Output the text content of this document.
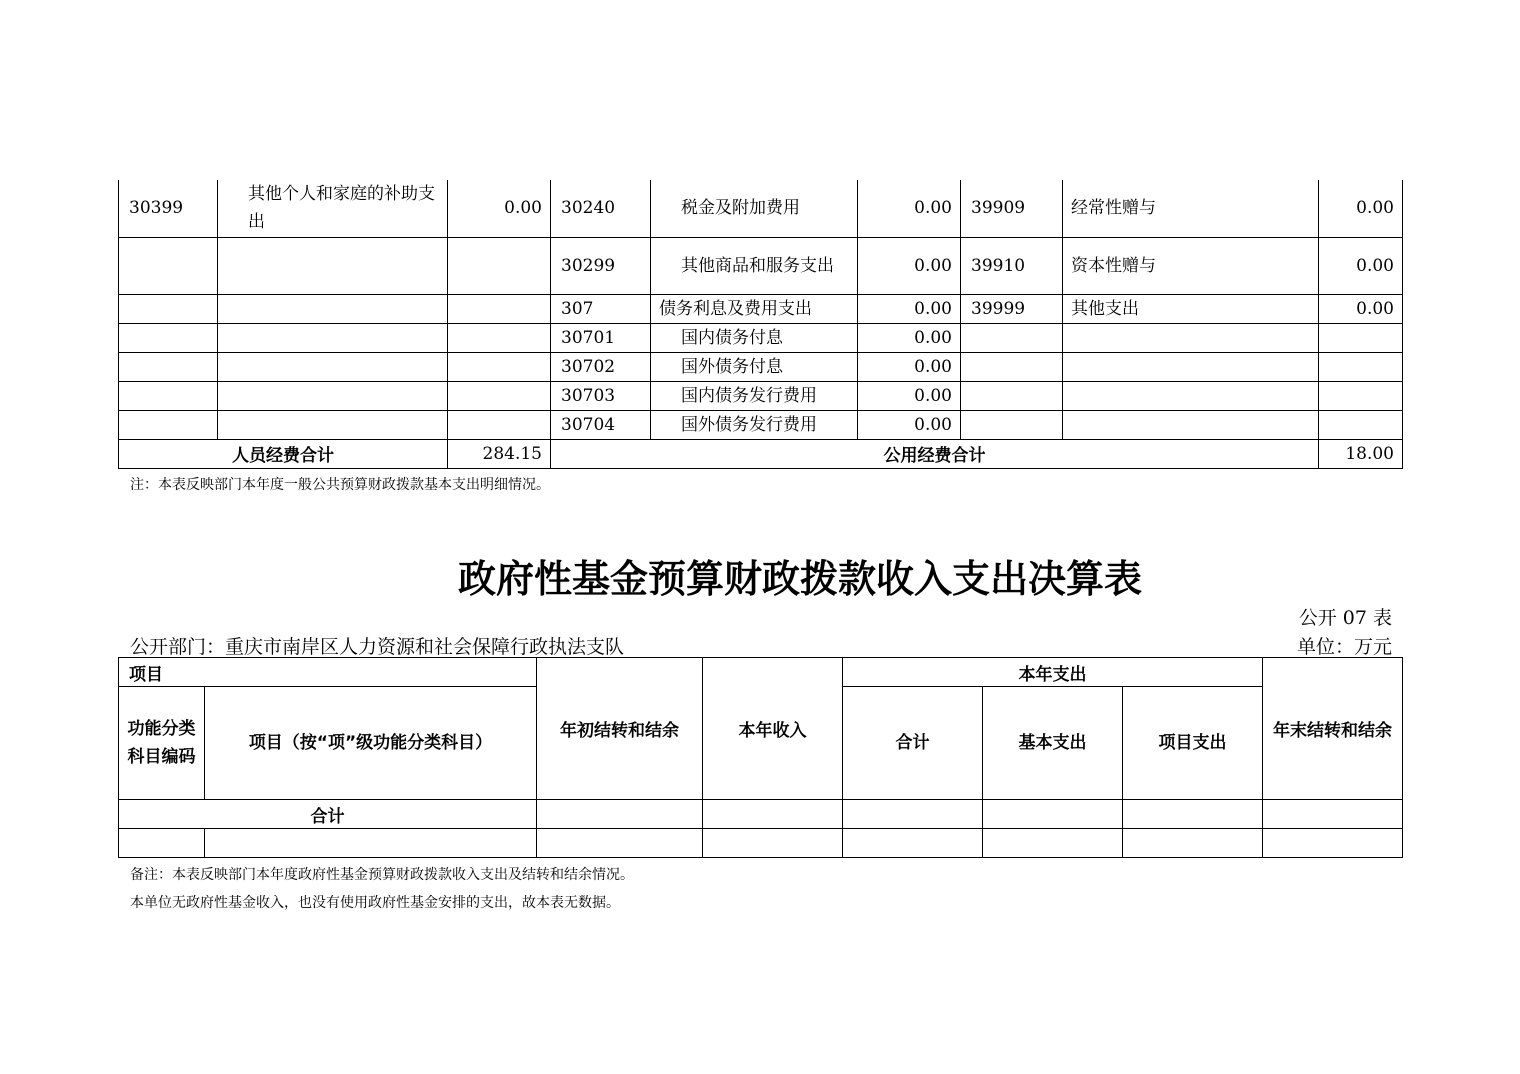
30399	其他个人和家庭的补助支出	0.00	30240	税金及附加费用	0.00	39909	经常性赠与	0.00
			30299	其他商品和服务支出	0.00	39910	资本性赠与	0.00
			307	债务利息及费用支出	0.00	39999	其他支出	0.00
			30701	国内债务付息	0.00			
			30702	国外债务付息	0.00			
			30703	国内债务发行费用	0.00			
			30704	国外债务发行费用	0.00			
人员经费合计		284.15	公用经费合计					18.00
注：本表反映部门本年度一般公共预算财政拨款基本支出明细情况。
政府性基金预算财政拨款收入支出决算表
公开 07 表
公开部门：重庆市南岸区人力资源和社会保障行政执法支队	单位：万元
项目		年初结转和结余	本年收入	本年支出			年末结转和结余
功能分类科目编码	项目（按“项”级功能分类科目）			合计	基本支出	项目支出	
合计							

备注：本表反映部门本年度政府性基金预算财政拨款收入支出及结转和结余情况。
本单位无政府性基金收入，也没有使用政府性基金安排的支出，故本表无数据。
